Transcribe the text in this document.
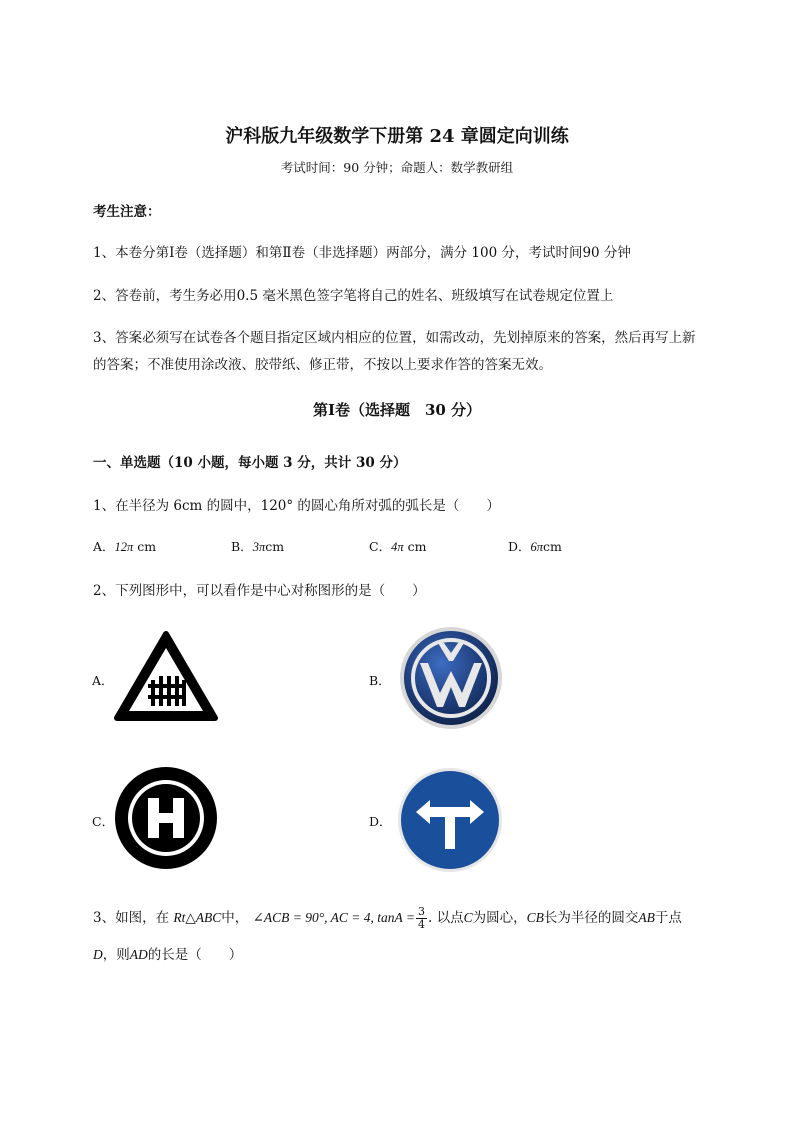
沪科版九年级数学下册第 24 章圆定向训练
考试时间：90 分钟；命题人：数学教研组
考生注意：
1、本卷分第Ⅰ卷（选择题）和第Ⅱ卷（非选择题）两部分，满分 100 分，考试时间90 分钟
2、答卷前，考生务必用0.5 毫米黑色签字笔将自己的姓名、班级填写在试卷规定位置上
3、答案必须写在试卷各个题目指定区域内相应的位置，如需改动，先划掉原来的答案，然后再写上新
的答案；不准使用涂改液、胶带纸、修正带，不按以上要求作答的答案无效。
第Ⅰ卷（选择题　30 分）
一、单选题（10 小题，每小题 3 分，共计 30 分）
1、在半径为 6cm 的圆中，120° 的圆心角所对弧的弧长是（　　）
A．12π cm	B．3πcm	C．4π cm	D．6πcm
2、下列图形中，可以看作是中心对称图形的是（　　）
A．	B．
C．	D．
3、如图，在 Rt△ABC中， ∠ACB = 90°, AC = 4, $\tan A = \frac{3}{4}$ . 以点C为圆心，CB长为半径的圆交AB于点
D，则AD的长是（　　）
